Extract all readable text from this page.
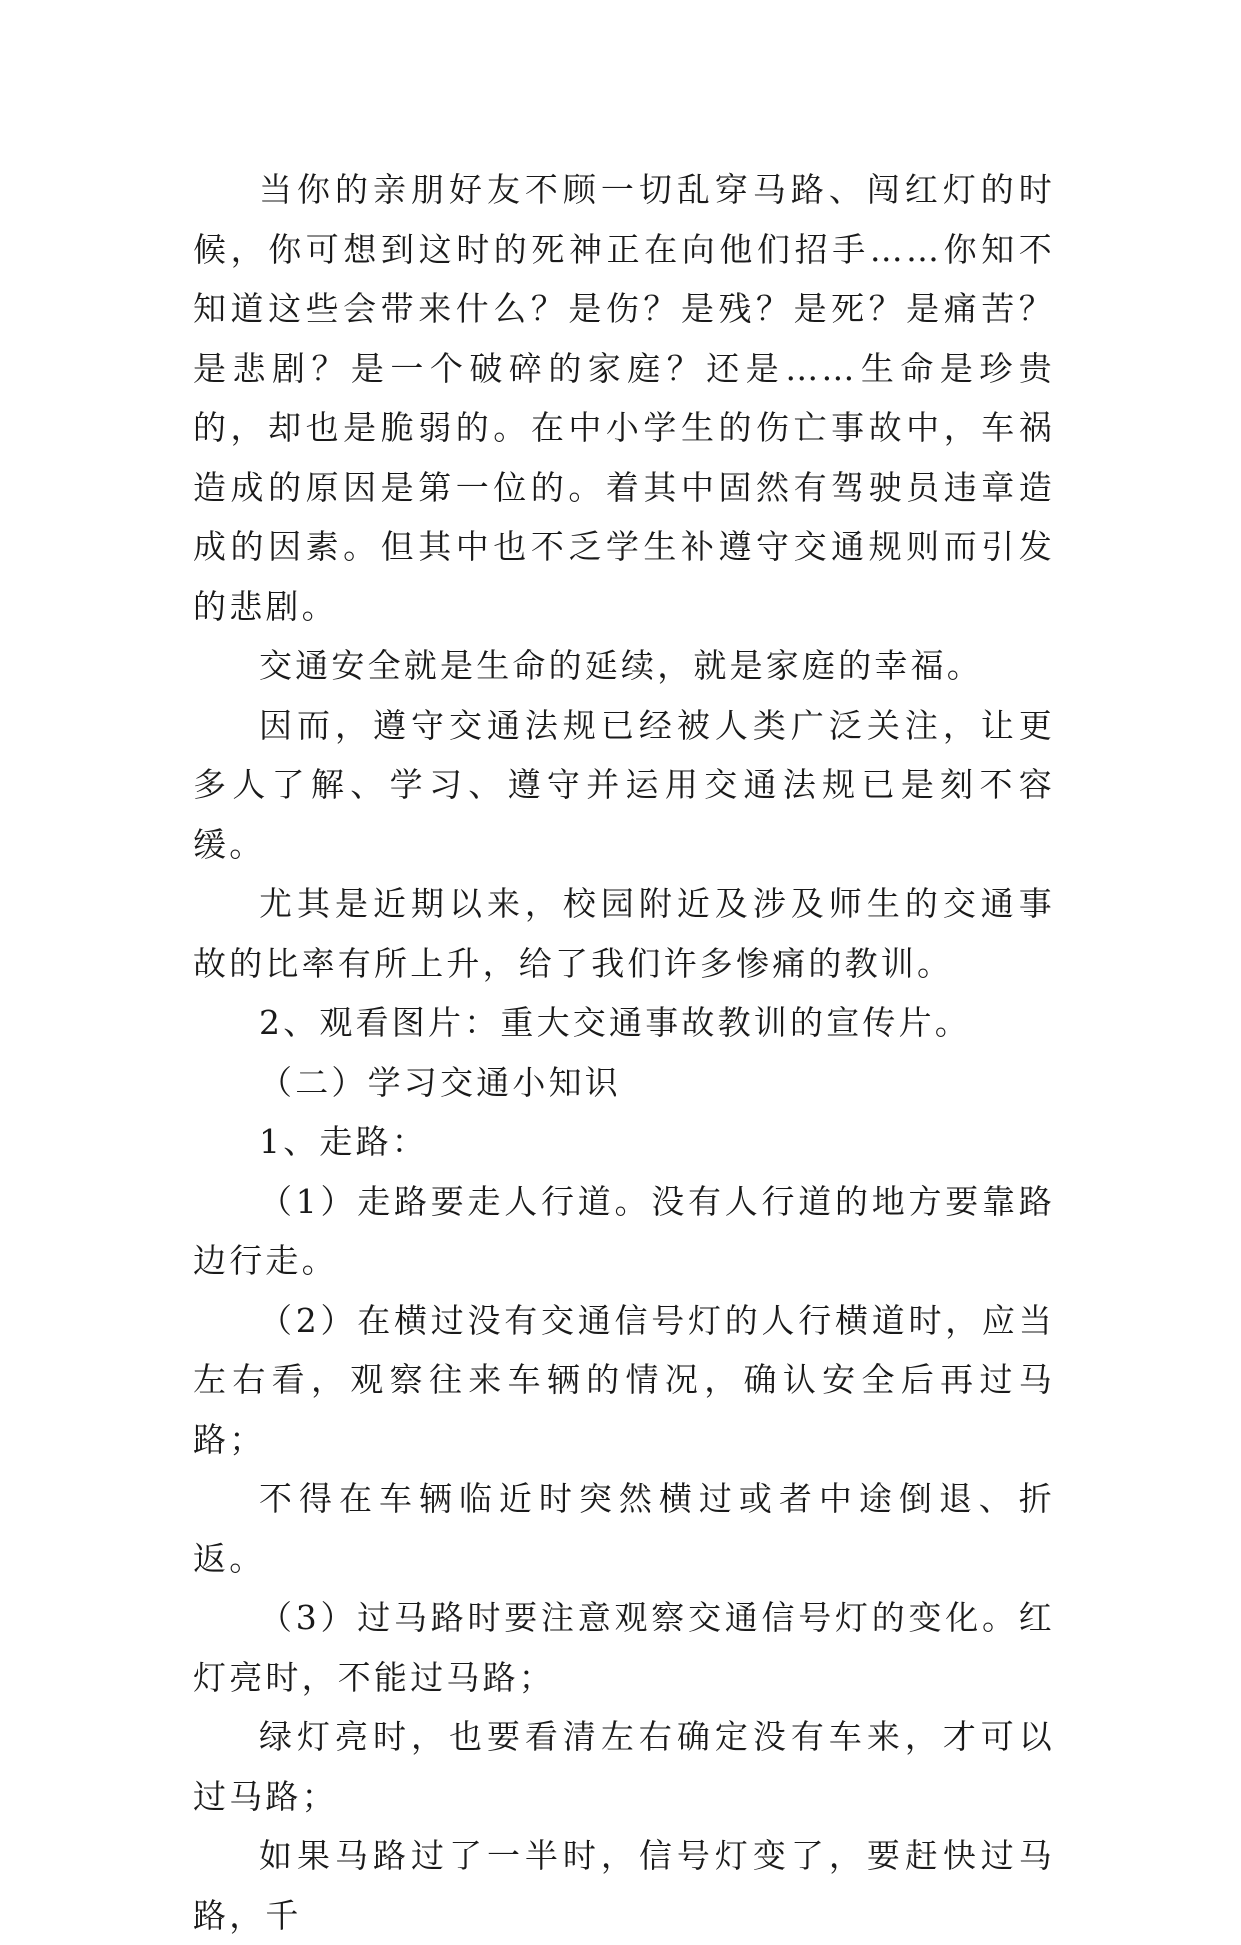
当你的亲朋好友不顾一切乱穿马路、闯红灯的时候，你可想到这时的死神正在向他们招手……你知不知道这些会带来什么？是伤？是残？是死？是痛苦？是悲剧？是一个破碎的家庭？还是……生命是珍贵的，却也是脆弱的。在中小学生的伤亡事故中，车祸造成的原因是第一位的。着其中固然有驾驶员违章造成的因素。但其中也不乏学生补遵守交通规则而引发的悲剧。

交通安全就是生命的延续，就是家庭的幸福。

因而，遵守交通法规已经被人类广泛关注，让更多人了解、学习、遵守并运用交通法规已是刻不容缓。

尤其是近期以来，校园附近及涉及师生的交通事故的比率有所上升，给了我们许多惨痛的教训。

2、观看图片：重大交通事故教训的宣传片。

（二）学习交通小知识

1、走路：

（1）走路要走人行道。没有人行道的地方要靠路边行走。

（2）在横过没有交通信号灯的人行横道时，应当左右看，观察往来车辆的情况，确认安全后再过马路；

不得在车辆临近时突然横过或者中途倒退、折返。

（3）过马路时要注意观察交通信号灯的变化。红灯亮时，不能过马路；

绿灯亮时，也要看清左右确定没有车来，才可以过马路；

如果马路过了一半时，信号灯变了，要赶快过马路，千
